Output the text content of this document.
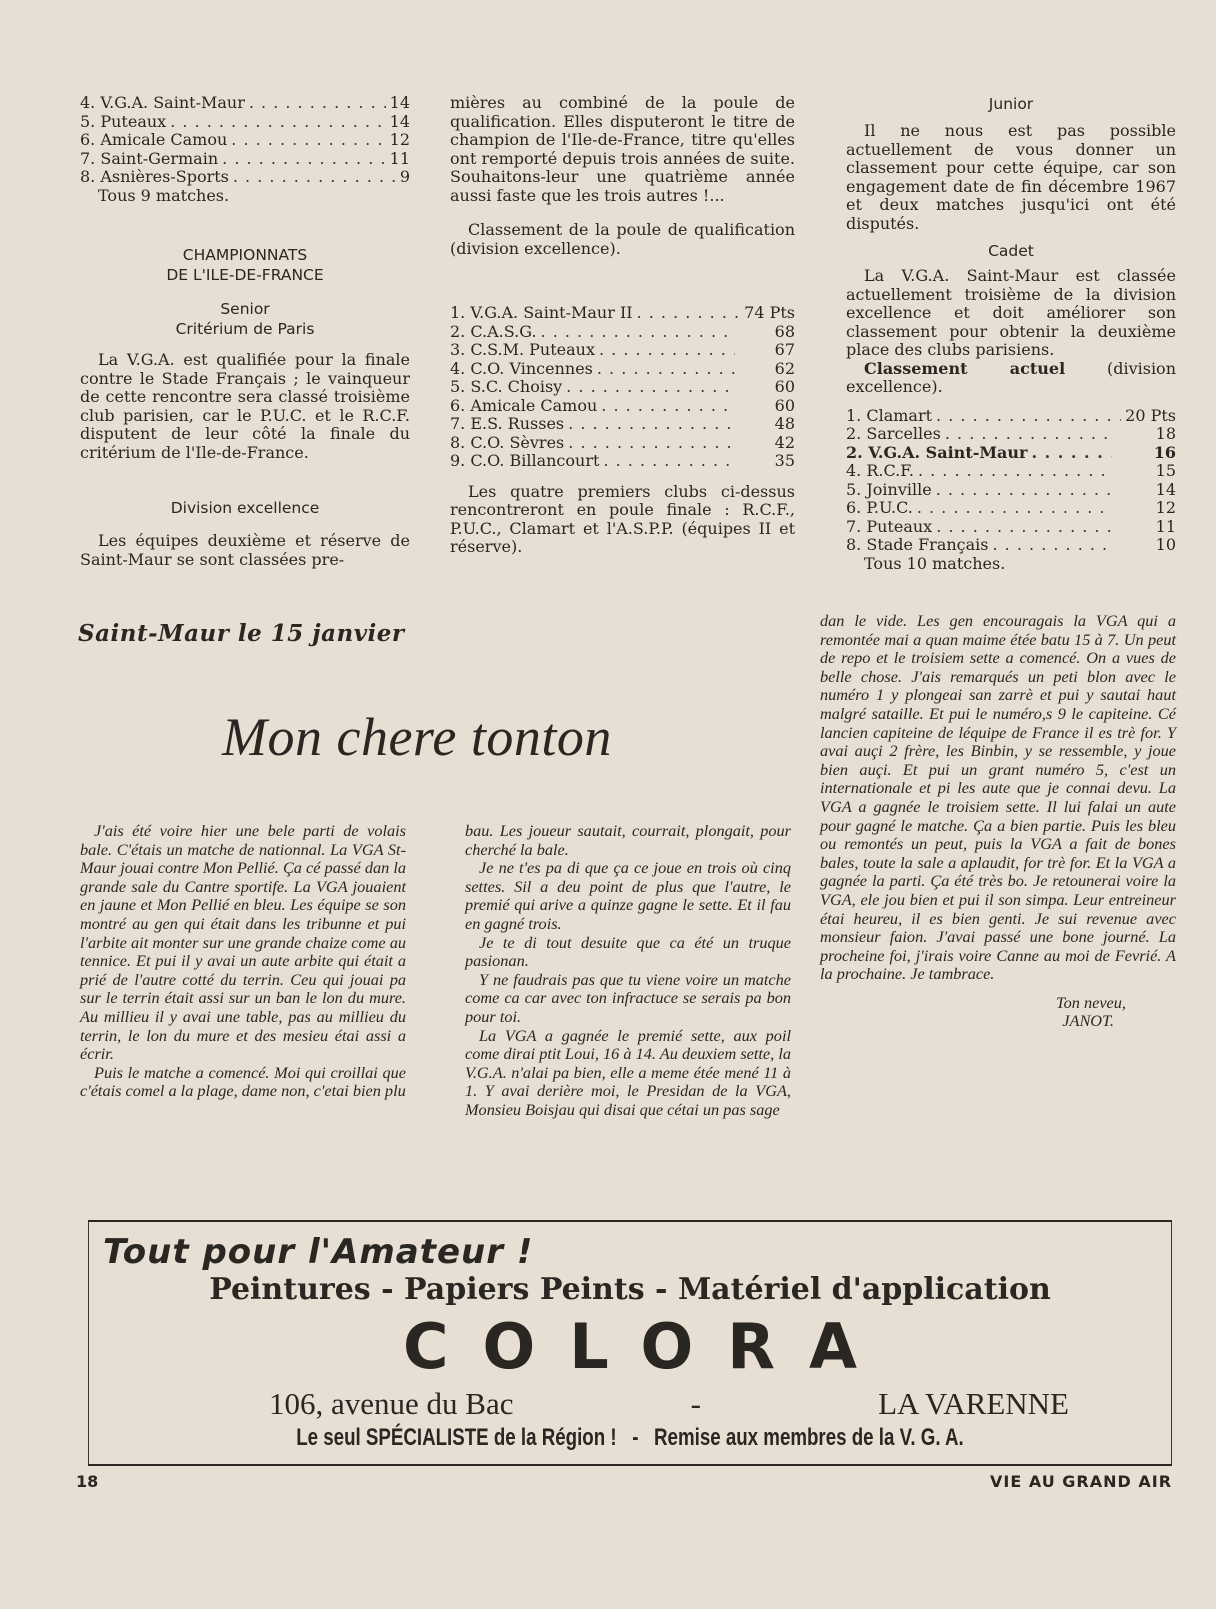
4. V.G.A. Saint-Maur . . .	14
5. Puteaux . . .	14
6. Amicale Camou . . .	12
7. Saint-Germain . . .	11
8. Asnières-Sports . . .	9
Tous 9 matches.
CHAMPIONNATS
DE L'ILE-DE-FRANCE
Senior
Critérium de Paris

La V.G.A. est qualifiée pour la finale contre le Stade Français ; le vainqueur de cette rencontre sera classé troisième club parisien, car le P.U.C. et le R.C.F. disputent de leur côté la finale du critérium de l'Ile-de-France.

Division excellence

Les équipes deuxième et réserve de Saint-Maur se sont classées pre-

mières au combiné de la poule de qualification. Elles disputeront le titre de champion de l'Ile-de-France, titre qu'elles ont remporté depuis trois années de suite. Souhaitons-leur une quatrième année aussi faste que les trois autres !...

Classement de la poule de qualification (division excellence).

1. V.G.A. Saint-Maur II . . .	74 Pts
2. C.A.S.G. . . .	68
3. C.S.M. Puteaux . . .	67
4. C.O. Vincennes . . .	62
5. S.C. Choisy . . .	60
6. Amicale Camou . . .	60
7. E.S. Russes . . .	48
8. C.O. Sèvres . . .	42
9. C.O. Billancourt . . .	35

Les quatre premiers clubs ci-dessus rencontreront en poule finale : R.C.F., P.U.C., Clamart et l'A.S.P.P. (équipes II et réserve).

Junior

Il ne nous est pas possible actuellement de vous donner un classement pour cette équipe, car son engagement date de fin décembre 1967 et deux matches jusqu'ici ont été disputés.

Cadet

La V.G.A. Saint-Maur est classée actuellement troisième de la division excellence et doit améliorer son classement pour obtenir la deuxième place des clubs parisiens.

Classement actuel	(division excellence).

1. Clamart . . .	20 Pts
2. Sarcelles . . .	18
2. V.G.A. Saint-Maur . . .	16
4. R.C.F. . . .	15
5. Joinville . . .	14
6. P.U.C. . . .	12
7. Puteaux . . .	11
8. Stade Français . . .	10
Tous 10 matches.
Saint-Maur le 15 janvier
Mon chere tonton

J'ais été voire hier une bele parti de volais bale. C'étais un matche de nationnal. La VGA St-Maur jouai contre Mon Pellié. Ça cé passé dan la grande sale du Cantre sportife. La VGA jouaient en jaune et Mon Pellié en bleu. Les équipe se son montré au gen qui était dans les tribunne et pui l'arbite ait monter sur une grande chaize come au tennice. Et pui il y avai un aute arbite qui était a prié de l'autre cotté du terrin. Ceu qui jouai pa sur le terrin était assi sur un ban le lon du mure. Au millieu il y avai une table, pas au millieu du terrin, le lon du mure et des mesieu étai assi a écrir.

Puis le matche a comencé. Moi qui croillai que c'étais comel a la plage, dame non, c'etai bien plu

bau. Les joueur sautait, courrait, plongait, pour cherché la bale.

Je ne t'es pa di que ça ce joue en trois où cinq settes. Sil a deu point de plus que l'autre, le premié qui arive a quinze gagne le sette. Et il fau en gagné trois.

Je te di tout desuite que ca été un truque pasionan.

Y ne faudrais pas que tu viene voire un matche come ca car avec ton infractuce se serais pa bon pour toi.

La VGA a gagnée le premié sette, aux poil come dirai ptit Loui, 16 à 14. Au deuxiem sette, la V.G.A. n'alai pa bien, elle a meme étée mené 11 à 1. Y avai derière moi, le Presidan de la VGA, Monsieu Boisjau qui disai que cétai un pas sage

dan le vide. Les gen encouragais la VGA qui a remontée mai a quan maime étée batu 15 à 7. Un peut de repo et le troisiem sette a comencé. On a vues de belle chose. J'ais remarqués un peti blon avec le numéro 1 y plongeai san zarrè et pui y sautai haut malgré sataille. Et pui le numéro,s 9 le capiteine. Cé lancien capiteine de léquipe de France il es trè for. Y avai auçi 2 frère, les Binbin, y se ressemble, y joue bien auçi. Et pui un grant numéro 5, c'est un internationale et pi les aute que je connai devu. La VGA a gagnée le troisiem sette. Il lui falai un aute pour gagné le matche. Ça a bien partie. Puis les bleu ou remontés un peut, puis la VGA a fait de bones bales, toute la sale a aplaudit, for trè for. Et la VGA a gagnée la parti. Ça été très bo. Je retounerai voire la VGA, ele jou bien et pui il son simpa. Leur entreineur étai heureu, il es bien genti. Je sui revenue avec monsieur faion. J'avai passé une bone journé. La procheine foi, j'irais voire Canne au moi de Fevrié. A la prochaine. Je tambrace.

Ton neveu,
JANOT.
Tout pour l'Amateur !
Peintures - Papiers Peints - Matériel d'application
COLORA
106, avenue du Bac	-	LA VARENNE
Le seul SPÉCIALISTE de la Région !   -   Remise aux membres de la V. G. A.
18	VIE AU GRAND AIR
